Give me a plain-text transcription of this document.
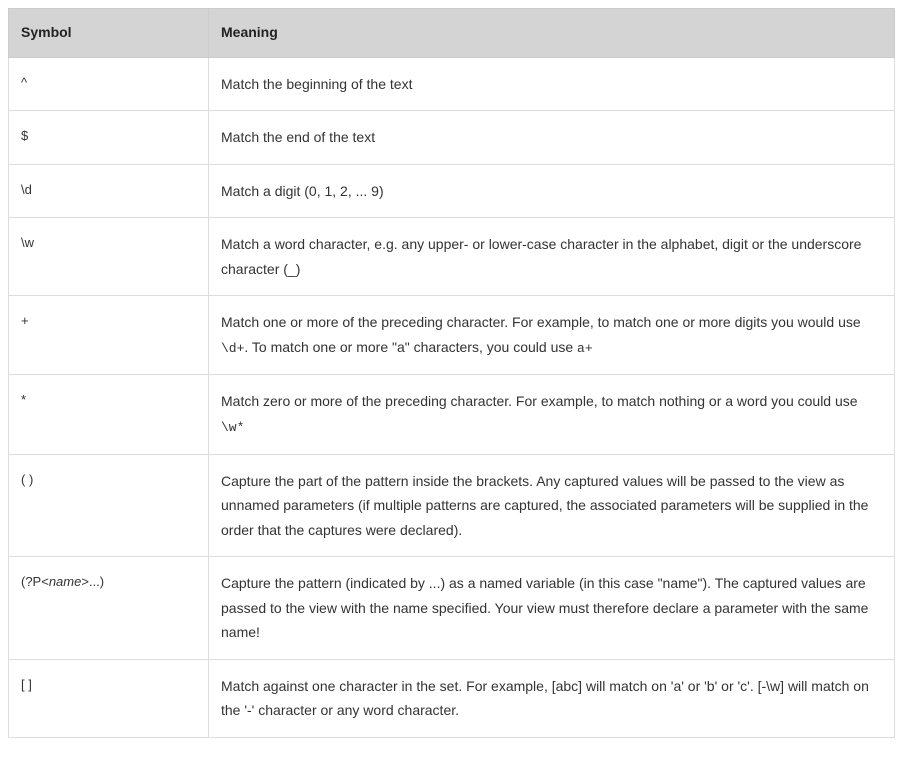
Symbol	Meaning
^	Match the beginning of the text
$	Match the end of the text
\d	Match a digit (0, 1, 2, ... 9)
\w	Match a word character, e.g. any upper- or lower-case character in the alphabet, digit or the underscore character (_)
+	Match one or more of the preceding character. For example, to match one or more digits you would use \d+. To match one or more "a" characters, you could use a+
*	Match zero or more of the preceding character. For example, to match nothing or a word you could use \w*
( )	Capture the part of the pattern inside the brackets. Any captured values will be passed to the view as unnamed parameters (if multiple patterns are captured, the associated parameters will be supplied in the order that the captures were declared).
(?P<name>...)	Capture the pattern (indicated by ...) as a named variable (in this case "name"). The captured values are passed to the view with the name specified. Your view must therefore declare a parameter with the same name!
[ ]	Match against one character in the set. For example, [abc] will match on 'a' or 'b' or 'c'. [-\w] will match on the '-' character or any word character.
